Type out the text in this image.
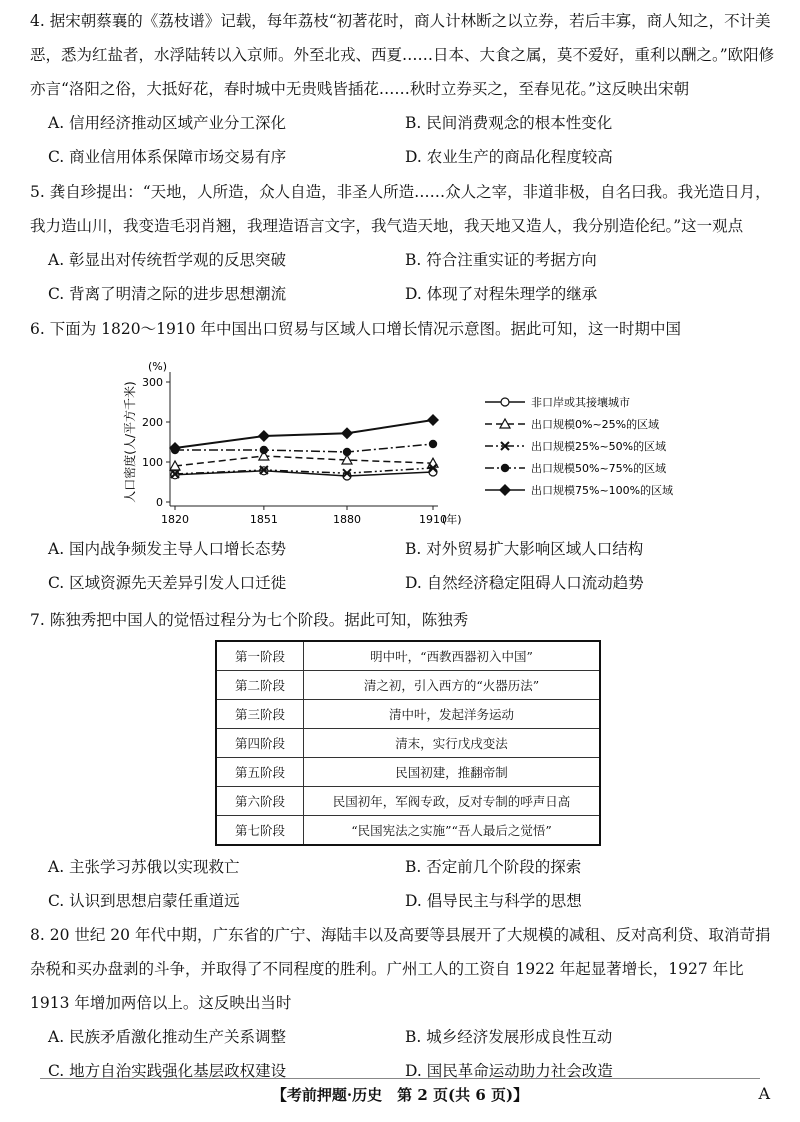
4. 据宋朝蔡襄的《荔枝谱》记载，每年荔枝“初著花时，商人计林断之以立券，若后丰寡，商人知之，不计美恶，悉为红盐者，水浮陆转以入京师。外至北戎、西夏……日本、大食之属，莫不爱好，重利以酬之。”欧阳修亦言“洛阳之俗，大抵好花，春时城中无贵贱皆插花……秋时立券买之，至春见花。”这反映出宋朝
A. 信用经济推动区域产业分工深化	B. 民间消费观念的根本性变化
C. 商业信用体系保障市场交易有序	D. 农业生产的商品化程度较高
5. 龚自珍提出：“天地，人所造，众人自造，非圣人所造……众人之宰，非道非极，自名曰我。我光造日月，我力造山川，我变造毛羽肖翘，我理造语言文字，我气造天地，我天地又造人，我分别造伦纪。”这一观点
A. 彰显出对传统哲学观的反思突破	B. 符合注重实证的考据方向
C. 背离了明清之际的进步思想潮流	D. 体现了对程朱理学的继承
6. 下面为 1820～1910 年中国出口贸易与区域人口增长情况示意图。据此可知，这一时期中国
(%)
人口密度(人/平方千米)
(年)
0
100
200
300
1820	1851	1880	1910
非口岸或其接壤城市
出口规模0%~25%的区域
出口规模25%~50%的区域
出口规模50%~75%的区域
出口规模75%~100%的区域
A. 国内战争频发主导人口增长态势	B. 对外贸易扩大影响区域人口结构
C. 区域资源先天差异引发人口迁徙	D. 自然经济稳定阻碍人口流动趋势
7. 陈独秀把中国人的觉悟过程分为七个阶段。据此可知，陈独秀
第一阶段	明中叶，“西教西器初入中国”
第二阶段	清之初，引入西方的“火器历法”
第三阶段	清中叶，发起洋务运动
第四阶段	清末，实行戊戌变法
第五阶段	民国初建，推翻帝制
第六阶段	民国初年，军阀专政，反对专制的呼声日高
第七阶段	“民国宪法之实施”“吾人最后之觉悟”
A. 主张学习苏俄以实现救亡	B. 否定前几个阶段的探索
C. 认识到思想启蒙任重道远	D. 倡导民主与科学的思想
8. 20 世纪 20 年代中期，广东省的广宁、海陆丰以及高要等县展开了大规模的减租、反对高利贷、取消苛捐杂税和买办盘剥的斗争，并取得了不同程度的胜利。广州工人的工资自 1922 年起显著增长，1927 年比 1913 年增加两倍以上。这反映出当时
A. 民族矛盾激化推动生产关系调整	B. 城乡经济发展形成良性互动
C. 地方自治实践强化基层政权建设	D. 国民革命运动助力社会改造
【考前押题·历史　第 2 页(共 6 页)】	A
